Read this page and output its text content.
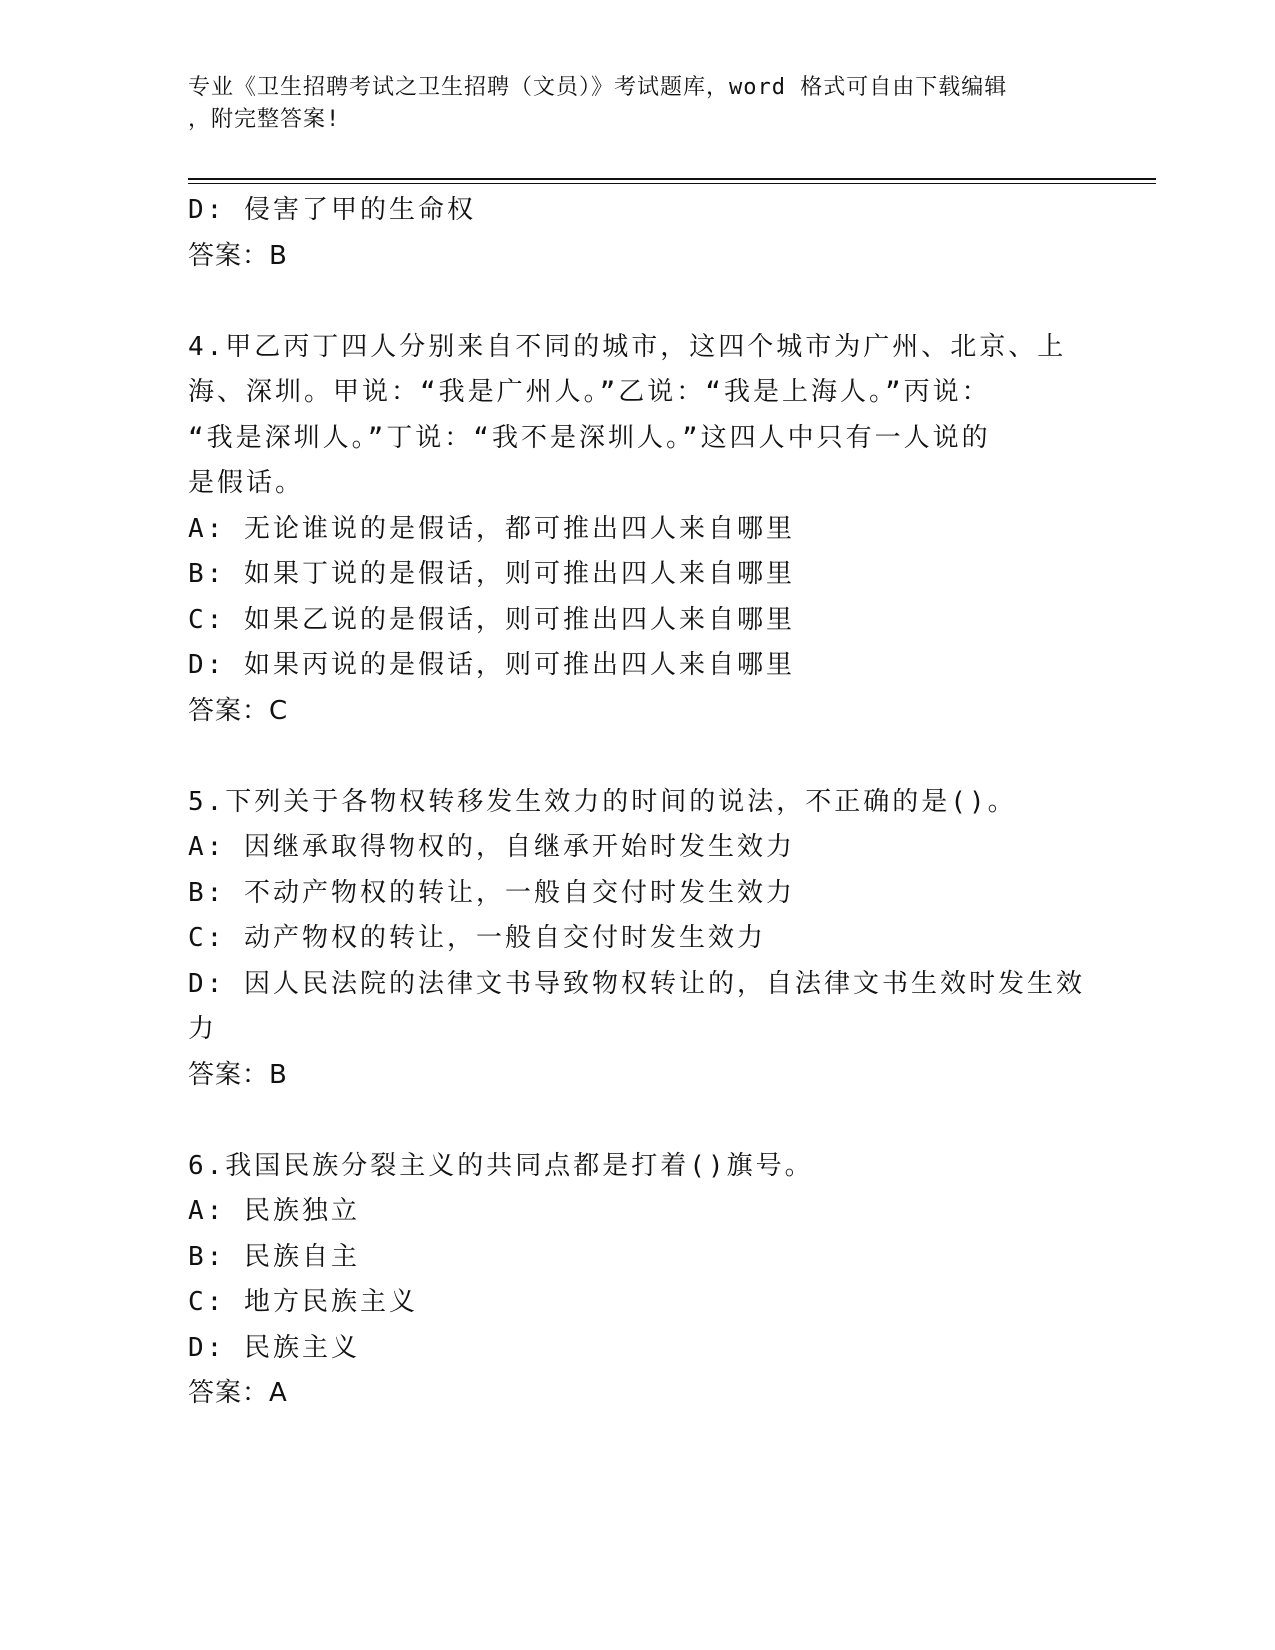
专业《卫生招聘考试之卫生招聘（文员）》考试题库，word 格式可自由下载编辑
，附完整答案!

D: 侵害了甲的生命权

答案：B

4.甲乙丙丁四人分别来自不同的城市，这四个城市为广州、北京、上

海、深圳。甲说：“我是广州人。”乙说：“我是上海人。”丙说：

“我是深圳人。”丁说：“我不是深圳人。”这四人中只有一人说的

是假话。

A: 无论谁说的是假话，都可推出四人来自哪里

B: 如果丁说的是假话，则可推出四人来自哪里

C: 如果乙说的是假话，则可推出四人来自哪里

D: 如果丙说的是假话，则可推出四人来自哪里

答案：C

5.下列关于各物权转移发生效力的时间的说法，不正确的是()。

A: 因继承取得物权的，自继承开始时发生效力

B: 不动产物权的转让，一般自交付时发生效力

C: 动产物权的转让，一般自交付时发生效力

D: 因人民法院的法律文书导致物权转让的，自法律文书生效时发生效

力

答案：B

6.我国民族分裂主义的共同点都是打着()旗号。

A: 民族独立

B: 民族自主

C: 地方民族主义

D: 民族主义

答案：A
